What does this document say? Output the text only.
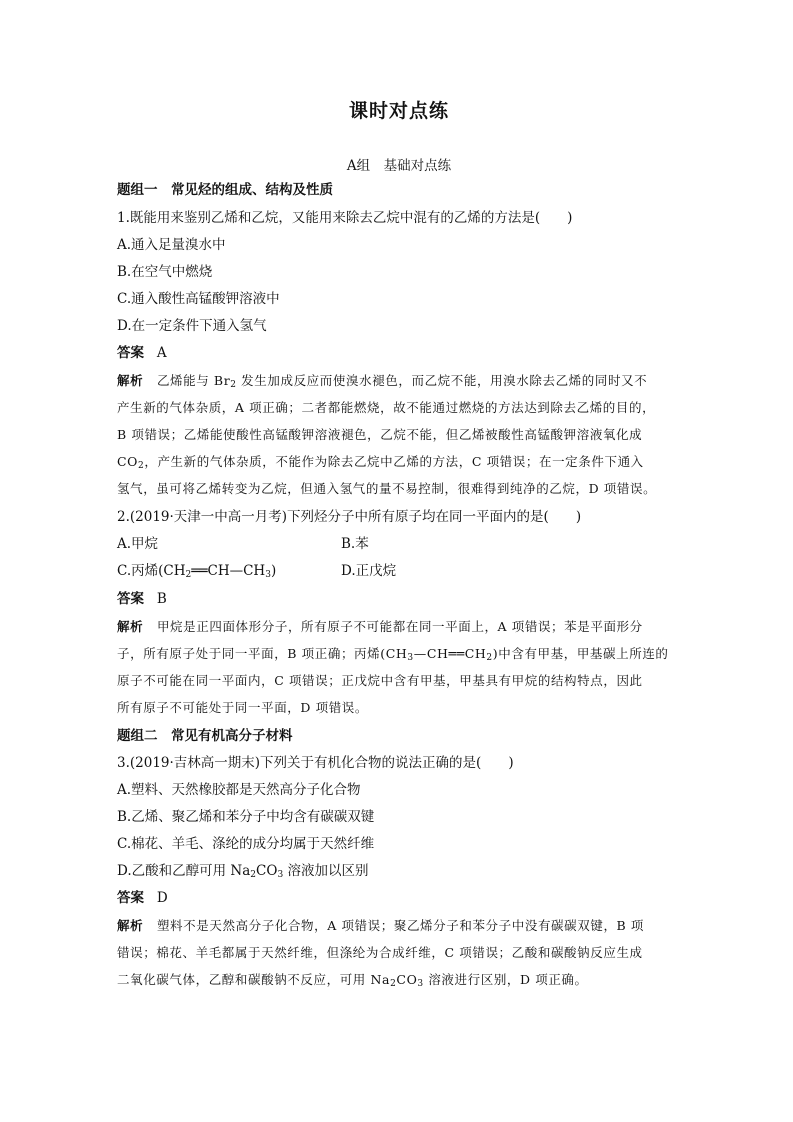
课时对点练
A组　基础对点练
题组一　常见烃的组成、结构及性质
1.既能用来鉴别乙烯和乙烷，又能用来除去乙烷中混有的乙烯的方法是(　　)
A.通入足量溴水中
B.在空气中燃烧
C.通入酸性高锰酸钾溶液中
D.在一定条件下通入氢气
答案 A
解析 乙烯能与 $Br_2$ 发生加成反应而使溴水褪色，而乙烷不能，用溴水除去乙烯的同时又不
产生新的气体杂质，A 项正确；二者都能燃烧，故不能通过燃烧的方法达到除去乙烯的目的，
B 项错误；乙烯能使酸性高锰酸钾溶液褪色，乙烷不能，但乙烯被酸性高锰酸钾溶液氧化成
$CO_2$，产生新的气体杂质，不能作为除去乙烷中乙烯的方法，C 项错误；在一定条件下通入
氢气，虽可将乙烯转变为乙烷，但通入氢气的量不易控制，很难得到纯净的乙烷，D 项错误。
2.(2019·天津一中高一月考)下列烃分子中所有原子均在同一平面内的是(　　)
A.甲烷	B.苯
C.丙烯$(CH_2══CH—CH_3)$	D.正戊烷
答案 B
解析 甲烷是正四面体形分子，所有原子不可能都在同一平面上，A 项错误；苯是平面形分
子，所有原子处于同一平面，B 项正确；丙烯$(CH_3—CH══CH_2)$中含有甲基，甲基碳上所连的
原子不可能在同一平面内，C 项错误；正戊烷中含有甲基，甲基具有甲烷的结构特点，因此
所有原子不可能处于同一平面，D 项错误。
题组二　常见有机高分子材料
3.(2019·吉林高一期末)下列关于有机化合物的说法正确的是(　　)
A.塑料、天然橡胶都是天然高分子化合物
B.乙烯、聚乙烯和苯分子中均含有碳碳双键
C.棉花、羊毛、涤纶的成分均属于天然纤维
D.乙酸和乙醇可用 $Na_2CO_3$ 溶液加以区别
答案 D
解析 塑料不是天然高分子化合物，A 项错误；聚乙烯分子和苯分子中没有碳碳双键，B 项
错误；棉花、羊毛都属于天然纤维，但涤纶为合成纤维，C 项错误；乙酸和碳酸钠反应生成
二氧化碳气体，乙醇和碳酸钠不反应，可用 $Na_2CO_3$ 溶液进行区别，D 项正确。
